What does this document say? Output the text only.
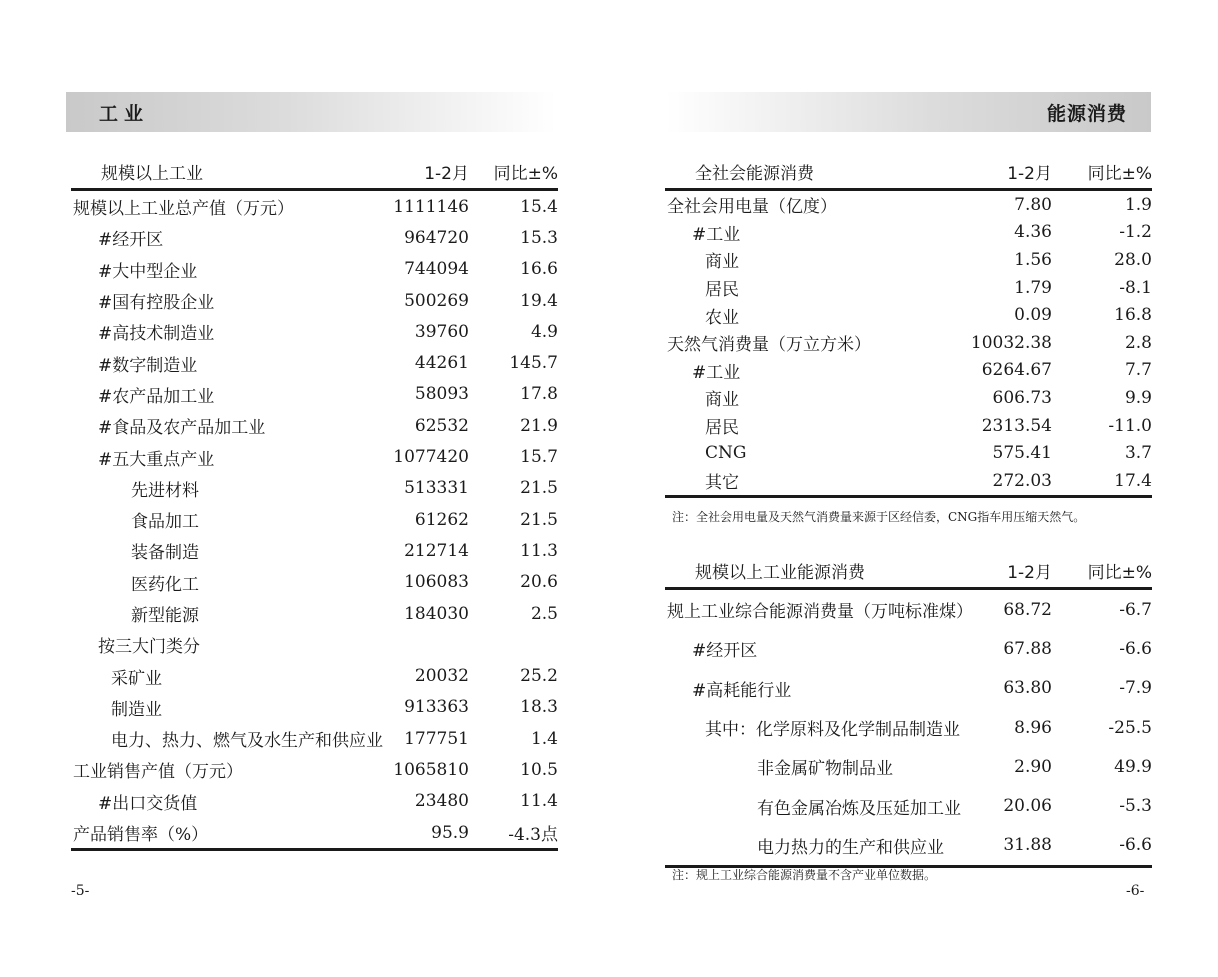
工业
规模以上工业	1-2月	同比±%
规模以上工业总产值（万元）	1111146	15.4
#经开区	964720	15.3
#大中型企业	744094	16.6
#国有控股企业	500269	19.4
#高技术制造业	39760	4.9
#数字制造业	44261	145.7
#农产品加工业	58093	17.8
#食品及农产品加工业	62532	21.9
#五大重点产业	1077420	15.7
先进材料	513331	21.5
食品加工	61262	21.5
装备制造	212714	11.3
医药化工	106083	20.6
新型能源	184030	2.5
按三大门类分		
采矿业	20032	25.2
制造业	913363	18.3
电力、热力、燃气及水生产和供应业	177751	1.4
工业销售产值（万元）	1065810	10.5
#出口交货值	23480	11.4
产品销售率（%）	95.9	-4.3点
-5-
能源消费
全社会能源消费	1-2月	同比±%
全社会用电量（亿度）	7.80	1.9
#工业	4.36	-1.2
商业	1.56	28.0
居民	1.79	-8.1
农业	0.09	16.8
天然气消费量（万立方米）	10032.38	2.8
#工业	6264.67	7.7
商业	606.73	9.9
居民	2313.54	-11.0
CNG	575.41	3.7
其它	272.03	17.4
注：全社会用电量及天然气消费量来源于区经信委，CNG指车用压缩天然气。
规模以上工业能源消费	1-2月	同比±%
规上工业综合能源消费量（万吨标准煤）	68.72	-6.7
#经开区	67.88	-6.6
#高耗能行业	63.80	-7.9
其中：化学原料及化学制品制造业	8.96	-25.5
非金属矿物制品业	2.90	49.9
有色金属冶炼及压延加工业	20.06	-5.3
电力热力的生产和供应业	31.88	-6.6
注：规上工业综合能源消费量不含产业单位数据。
-6-
